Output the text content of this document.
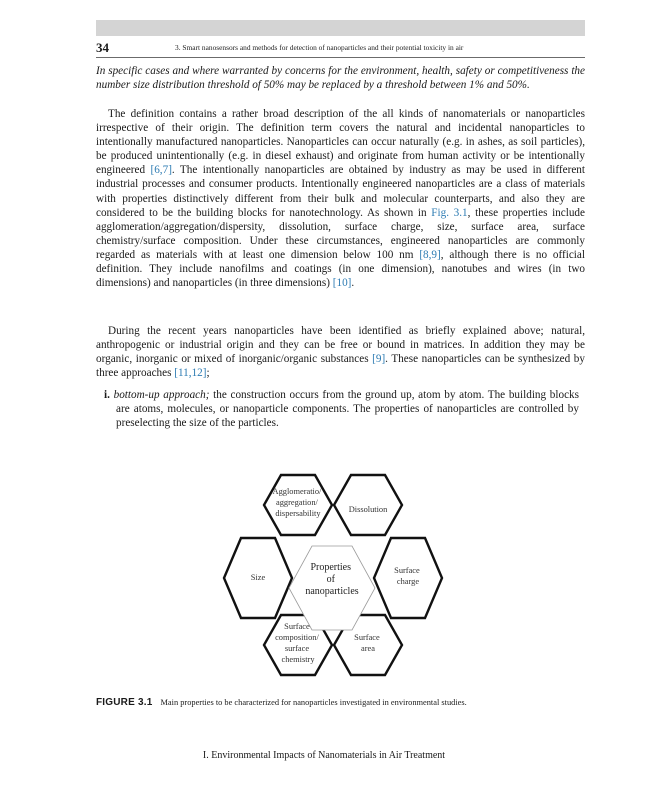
34	3. Smart nanosensors and methods for detection of nanoparticles and their potential toxicity in air

In specific cases and where warranted by concerns for the environment, health, safety or competitiveness the number size distribution threshold of 50% may be replaced by a threshold between 1% and 50%.

The definition contains a rather broad description of the all kinds of nanomaterials or nanoparticles irrespective of their origin. The definition term covers the natural and incidental nanoparticles to intentionally manufactured nanoparticles. Nanoparticles can occur naturally (e.g. in ashes, as soil particles), be produced unintentionally (e.g. in diesel exhaust) and originate from human activity or be intentionally engineered [6,7]. The intentionally nanoparticles are obtained by industry as may be used in different industrial processes and consumer products. Intentionally engineered nanoparticles are a class of materials with properties distinctively different from their bulk and molecular counterparts, and also they are considered to be the building blocks for nanotechnology. As shown in Fig. 3.1, these properties include agglomeration/aggregation/dispersity, dissolution, surface charge, size, surface area, surface chemistry/surface composition. Under these circumstances, engineered nanoparticles are commonly regarded as materials with at least one dimension below 100 nm [8,9], although there is no official definition. They include nanofilms and coatings (in one dimension), nanotubes and wires (in two dimensions) and nanoparticles (in three dimensions) [10].

During the recent years nanoparticles have been identified as briefly explained above; natural, anthropogenic or industrial origin and they can be free or bound in matrices. In addition they may be organic, inorganic or mixed of inorganic/organic substances [9]. These nanoparticles can be synthesized by three approaches [11,12];

i. bottom-up approach; the construction occurs from the ground up, atom by atom. The building blocks are atoms, molecules, or nanoparticle components. The properties of nanoparticles are controlled by preselecting the size of the particles.

Agglomeratio/ aggregation/ dispersability	Dissolution
Size
Surface charge
Properties of nanoparticles
Surface composition/ surface chemistry
Surface area
FIGURE 3.1 Main properties to be characterized for nanoparticles investigated in environmental studies.
I. Environmental Impacts of Nanomaterials in Air Treatment
